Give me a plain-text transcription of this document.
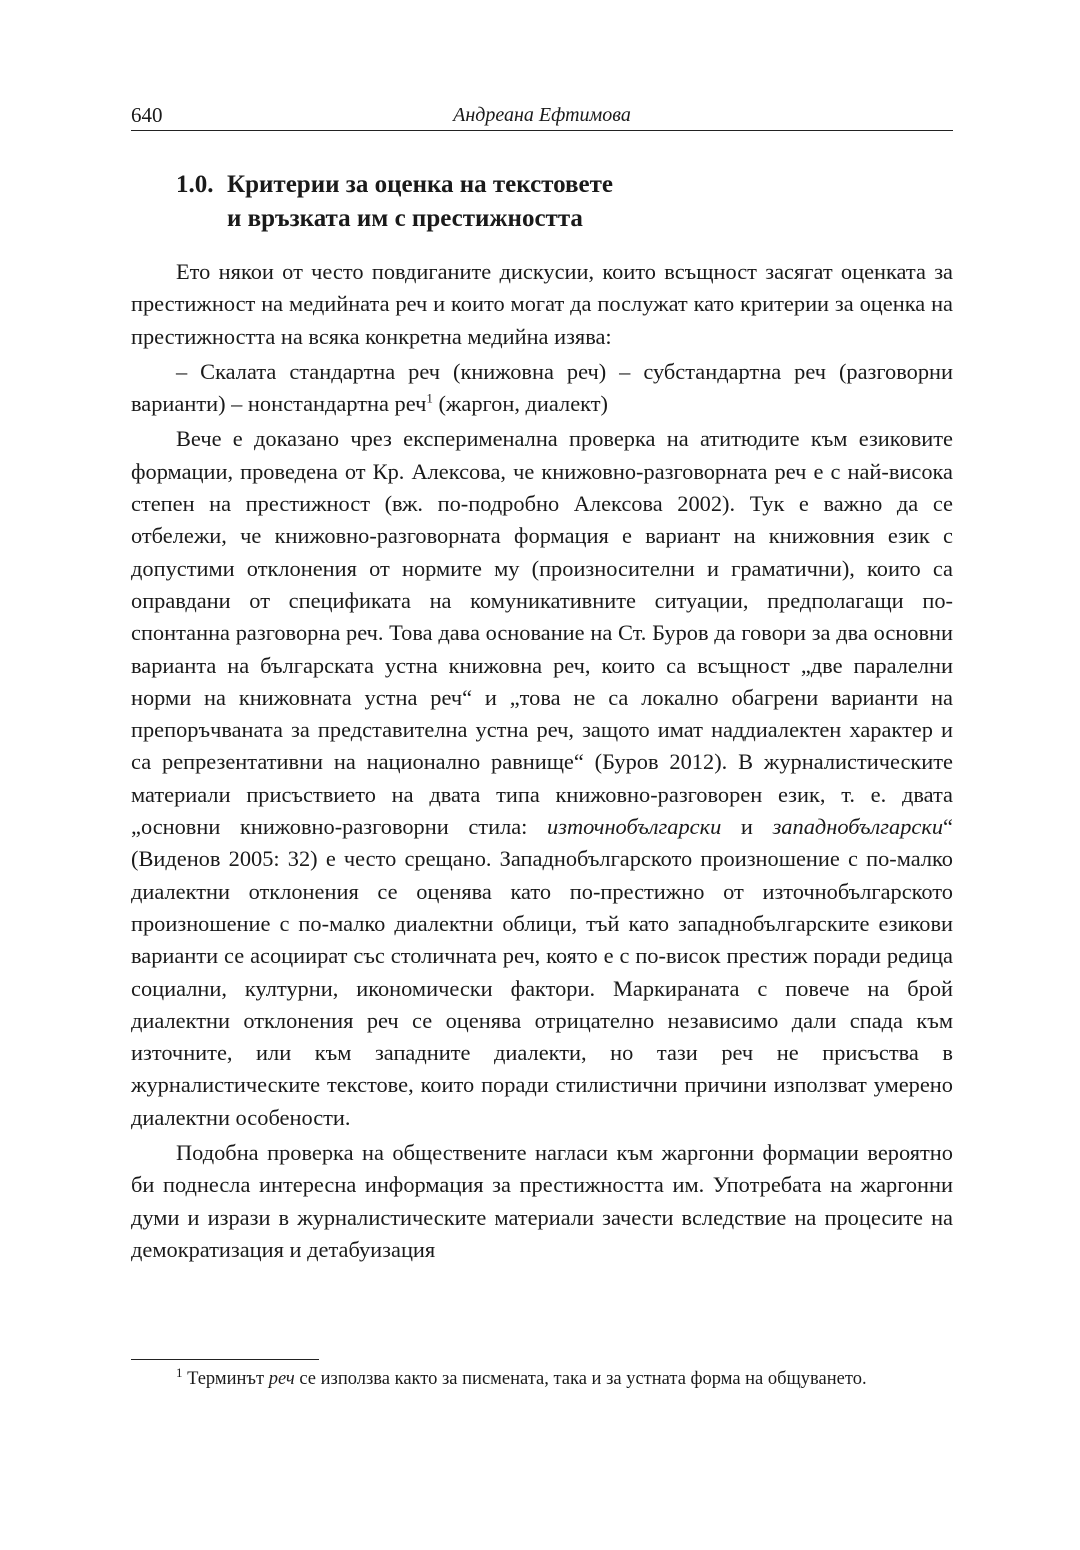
640	Андреана Ефтимова
1.0. Критерии за оценка на текстовете
и връзката им с престижността

Ето някои от често повдиганите дискусии, които всъщност засягат оценката за престижност на медийната реч и които могат да послужат като критерии за оценка на престижността на всяка конкретна медийна изява:

– Скалата стандартна реч (книжовна реч) – субстандартна реч (разговорни варианти) – нонстандартна реч$^1$ (жаргон, диалект)

Вече е доказано чрез експерименална проверка на атитюдите към езиковите формации, проведена от Кр. Алексова, че книжовно-разговорната реч е с най-висока степен на престижност (вж. по-подробно Алексова 2002). Тук е важно да се отбележи, че книжовно-разговорната формация е вариант на книжовния език с допустими отклонения от нормите му (произносителни и граматични), които са оправдани от спецификата на комуникативните ситуации, предполагащи по-спонтанна разговорна реч. Това дава основание на Ст. Буров да говори за два основни варианта на българската устна книжовна реч, които са всъщност „две паралелни норми на книжовната устна реч“ и „това не са локално обагрени варианти на препоръчваната за представителна устна реч, защото имат наддиалектен характер и са репрезентативни на национално равнище“ (Буров 2012). В журналистическите материали присъствието на двата типа книжовно-разговорен език, т. е. двата „основни книжовно-разговорни стила: източнобългарски и западнобългарски“ (Виденов 2005: 32) е често срещано. Западнобългарското произношение с по-малко диалектни отклонения се оценява като по-престижно от източнобългарското произношение с по-малко диалектни облици, тъй като западнобългарските езикови варианти се асоциират със столичната реч, която е с по-висок престиж поради редица социални, културни, икономически фактори. Маркираната с повече на брой диалектни отклонения реч се оценява отрицателно независимо дали спада към източните, или към западните диалекти, но тази реч не присъства в журналистическите текстове, които поради стилистични причини използват умерено диалектни особености.

Подобна проверка на обществените нагласи към жаргонни формации вероятно би поднесла интересна информация за престижността им. Употребата на жаргонни думи и изрази в журналистическите материали зачести вследствие на процесите на демократизация и детабуизация

$^1$ Терминът реч се използва както за писмената, така и за устната форма на общуването.
